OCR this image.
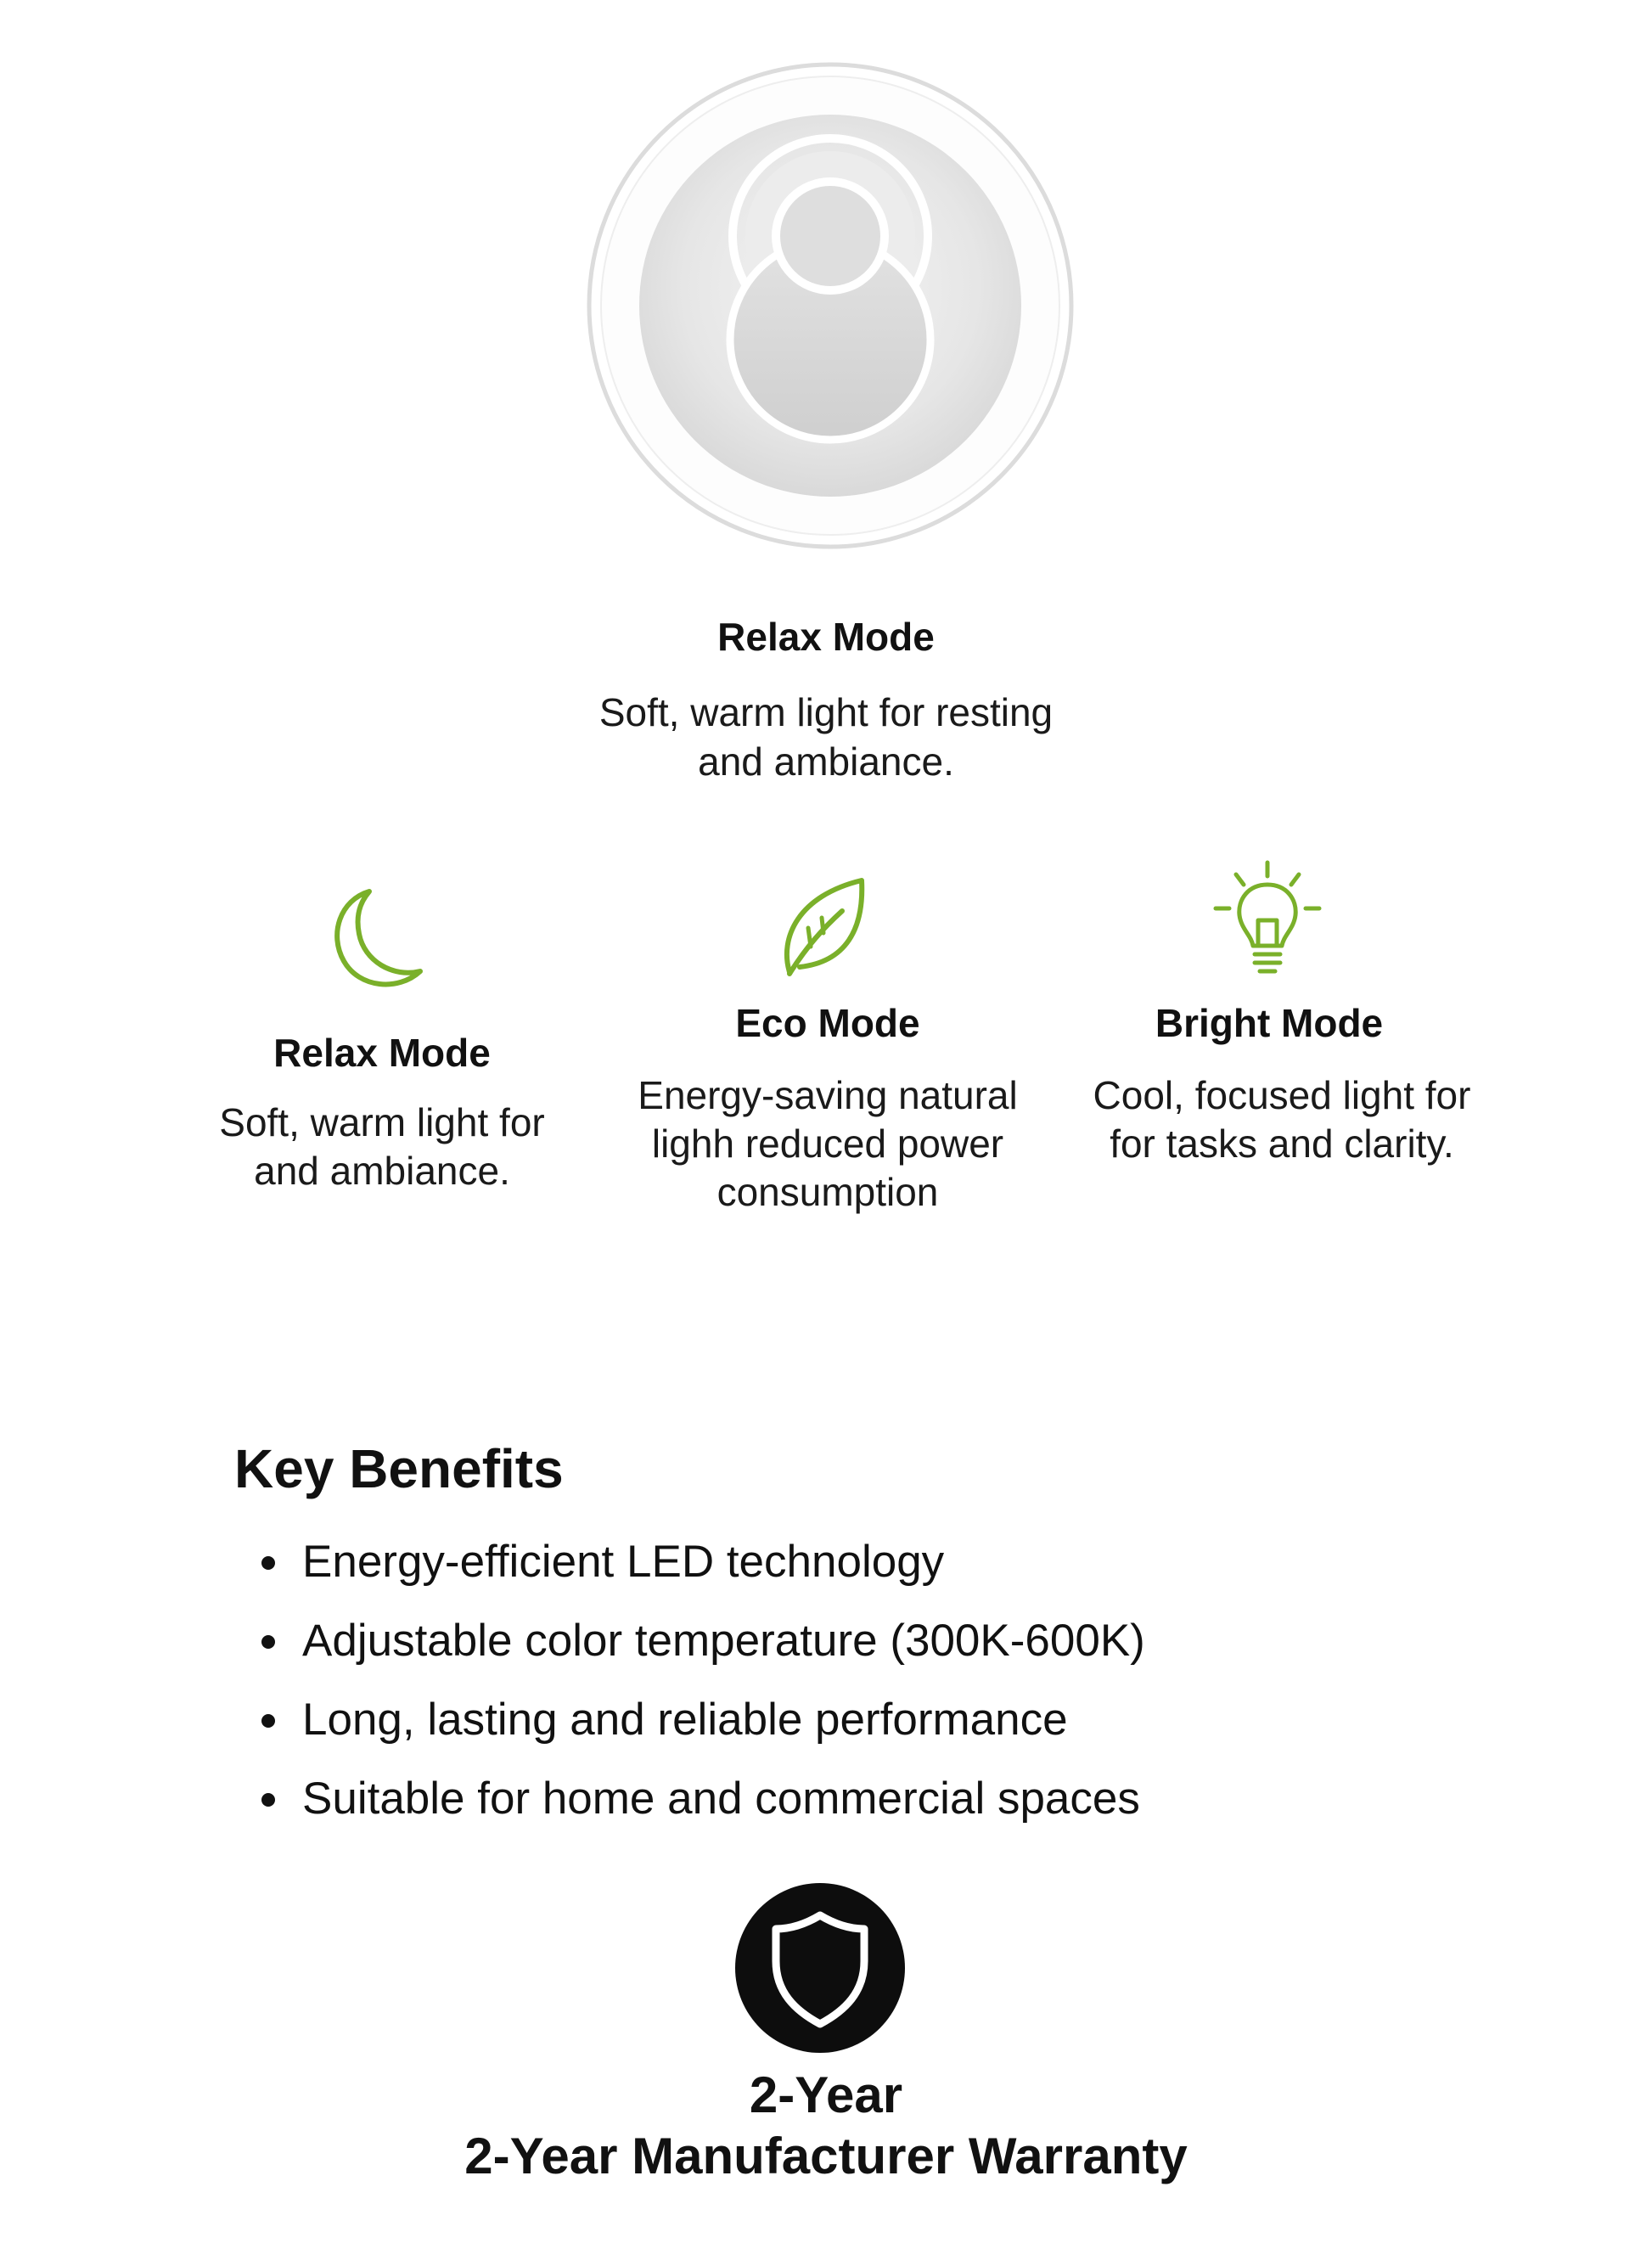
Relax Mode
Soft, warm light for resting
and ambiance.
Relax Mode
Soft, warm light for
and ambiance.
Eco Mode
Energy-saving natural
lighh reduced power
consumption
Bright Mode
Cool, focused light for
for tasks and clarity.
Key Benefits
Energy-efficient LED technology
Adjustable color temperature (300K-600K)
Long, lasting and reliable performance
Suitable for home and commercial spaces
2-Year
2-Year Manufacturer Warranty
